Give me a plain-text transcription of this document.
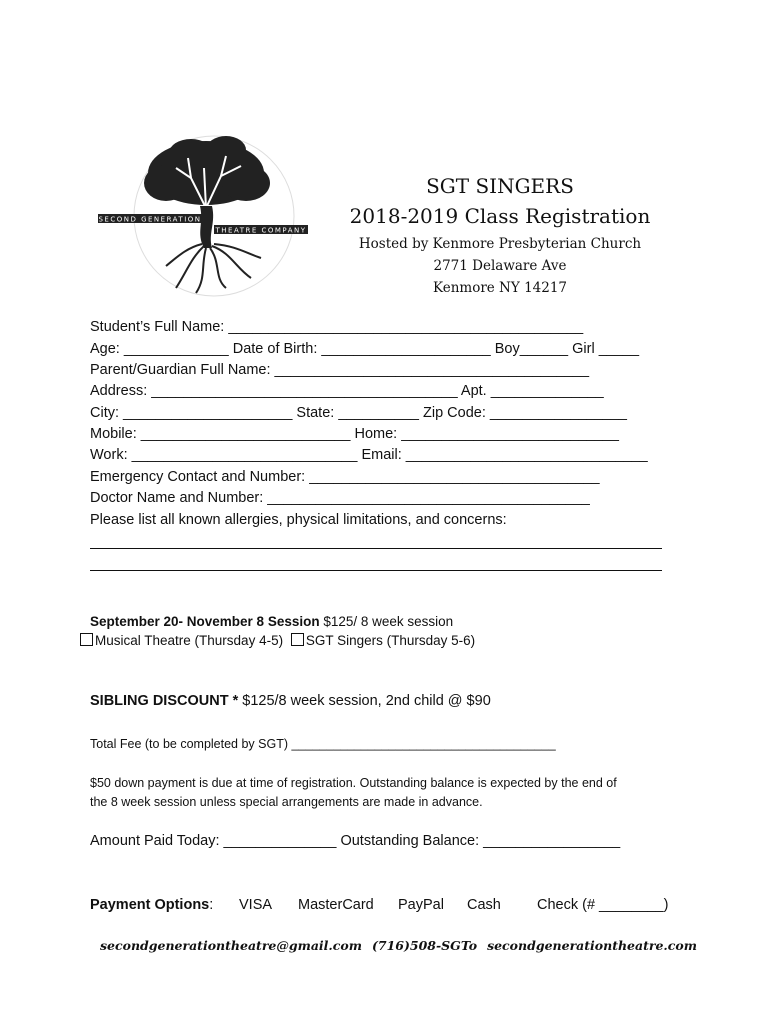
SECOND GENERATION
THEATRE COMPANY
SGT SINGERS
2018-2019 Class Registration
Hosted by Kenmore Presbyterian Church
2771 Delaware Ave
Kenmore NY 14217
Student’s Full Name: ____________________________________________
Age: _____________ Date of Birth: _____________________ Boy______ Girl _____
Parent/Guardian Full Name: _______________________________________
Address: ______________________________________ Apt. ______________
City: _____________________ State: __________ Zip Code: _________________
Mobile: __________________________ Home: ___________________________
Work: ____________________________ Email: ______________________________
Emergency Contact and Number: ____________________________________
Doctor Name and Number: ________________________________________
Please list all known allergies, physical limitations, and concerns:
September 20- November 8 Session $125/ 8 week session
Musical Theatre (Thursday 4-5) SGT Singers (Thursday 5-6)
SIBLING DISCOUNT * $125/8 week session, 2nd child @ $90
Total Fee (to be completed by SGT) ______________________________________
$50 down payment is due at time of registration. Outstanding balance is expected by the end of
the 8 week session unless special arrangements are made in advance.
Amount Paid Today: ______________ Outstanding Balance: _________________
Payment Options: VISA MasterCard PayPal Cash Check (# ________)
secondgenerationtheatre@gmail.com (716)508-SGTo secondgenerationtheatre.com
